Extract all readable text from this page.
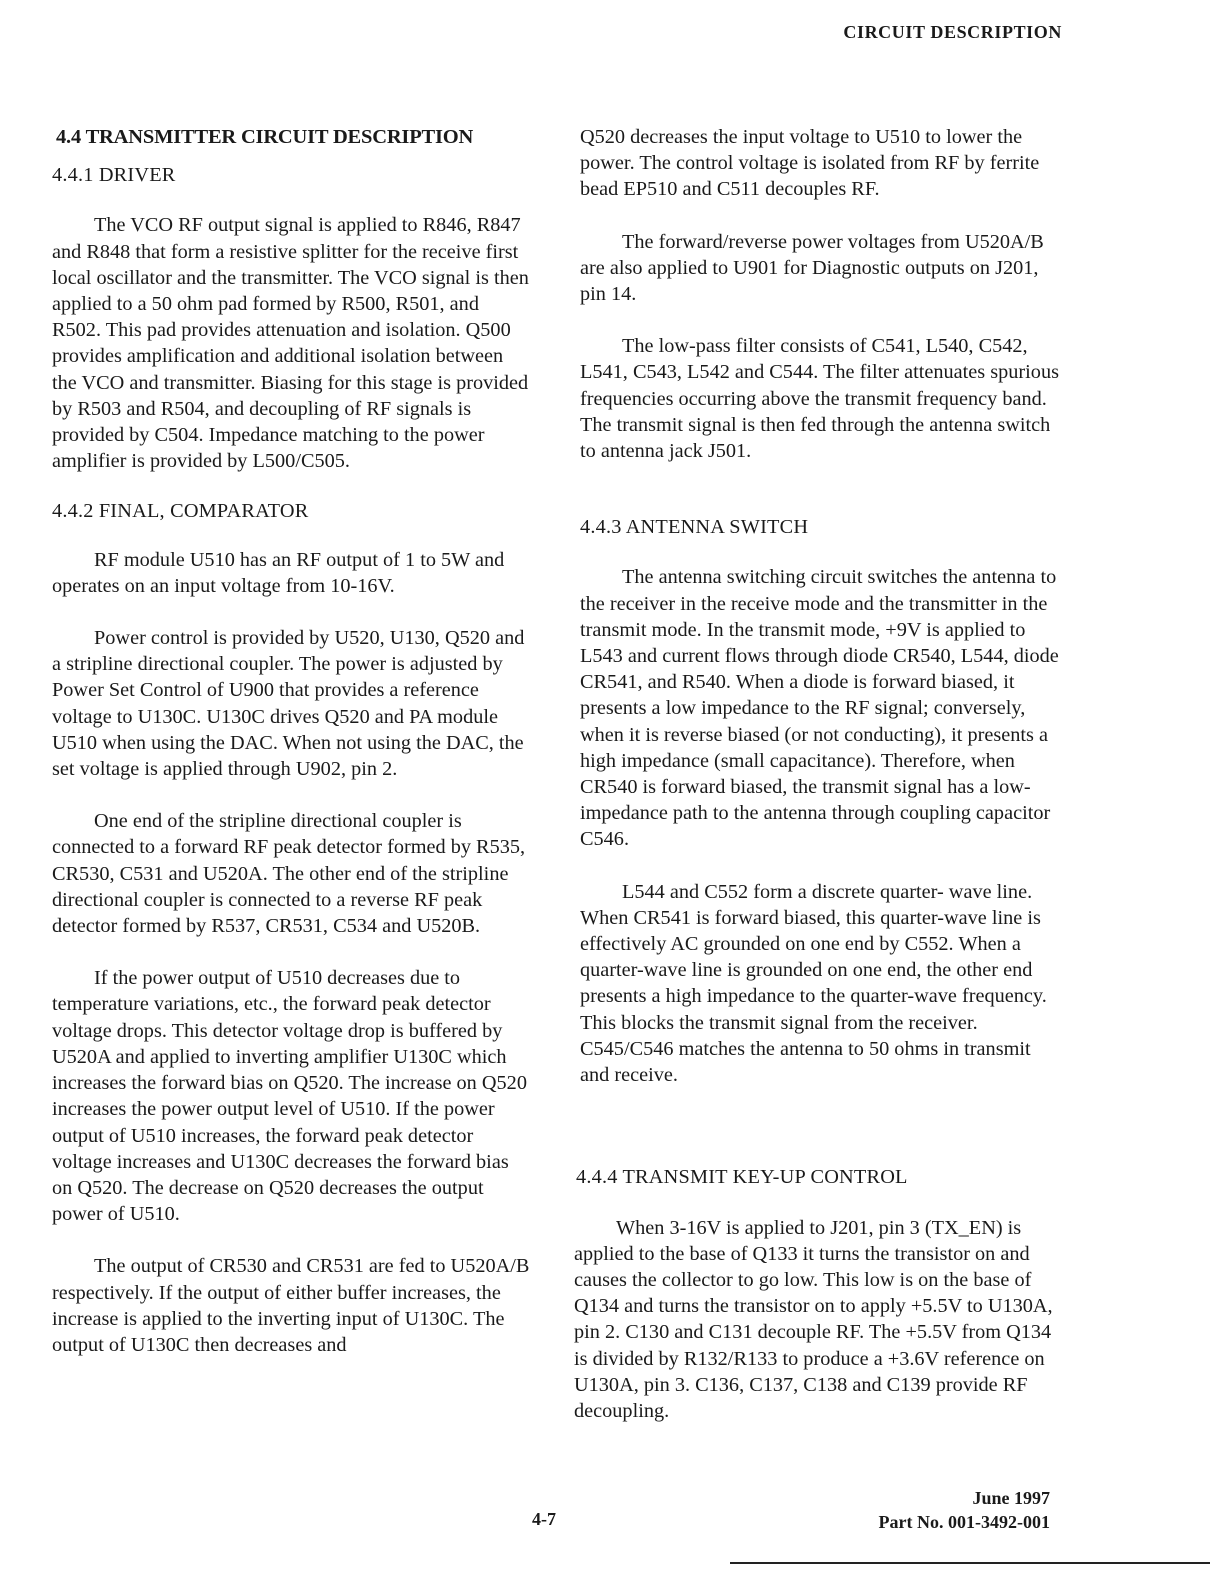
CIRCUIT DESCRIPTION
4.4 TRANSMITTER CIRCUIT DESCRIPTION
4.4.1 DRIVER
The VCO RF output signal is applied to R846, R847 and R848 that form a resistive splitter for the receive first local oscillator and the transmitter. The VCO signal is then applied to a 50 ohm pad formed by R500, R501, and R502. This pad provides attenuation and isolation. Q500 provides amplification and additional isolation between the VCO and transmitter. Biasing for this stage is provided by R503 and R504, and decoupling of RF signals is provided by C504. Impedance matching to the power amplifier is provided by L500/C505.
4.4.2 FINAL, COMPARATOR
RF module U510 has an RF output of 1 to 5W and operates on an input voltage from 10-16V.
Power control is provided by U520, U130, Q520 and a stripline directional coupler. The power is adjusted by Power Set Control of U900 that provides a reference voltage to U130C. U130C drives Q520 and PA module U510 when using the DAC. When not using the DAC, the set voltage is applied through U902, pin 2.
One end of the stripline directional coupler is connected to a forward RF peak detector formed by R535, CR530, C531 and U520A. The other end of the stripline directional coupler is connected to a reverse RF peak detector formed by R537, CR531, C534 and U520B.
If the power output of U510 decreases due to temperature variations, etc., the forward peak detector voltage drops. This detector voltage drop is buffered by U520A and applied to inverting amplifier U130C which increases the forward bias on Q520. The increase on Q520 increases the power output level of U510. If the power output of U510 increases, the forward peak detector voltage increases and U130C decreases the forward bias on Q520. The decrease on Q520 decreases the output power of U510.
The output of CR530 and CR531 are fed to U520A/B respectively. If the output of either buffer increases, the increase is applied to the inverting input of U130C. The output of U130C then decreases and
Q520 decreases the input voltage to U510 to lower the power. The control voltage is isolated from RF by ferrite bead EP510 and C511 decouples RF.
The forward/reverse power voltages from U520A/B are also applied to U901 for Diagnostic outputs on J201, pin 14.
The low-pass filter consists of C541, L540, C542, L541, C543, L542 and C544. The filter attenuates spurious frequencies occurring above the transmit frequency band. The transmit signal is then fed through the antenna switch to antenna jack J501.
4.4.3 ANTENNA SWITCH
The antenna switching circuit switches the antenna to the receiver in the receive mode and the transmitter in the transmit mode. In the transmit mode, +9V is applied to L543 and current flows through diode CR540, L544, diode CR541, and R540. When a diode is forward biased, it presents a low impedance to the RF signal; conversely, when it is reverse biased (or not conducting), it presents a high impedance (small capacitance). Therefore, when CR540 is forward biased, the transmit signal has a low-impedance path to the antenna through coupling capacitor C546.
L544 and C552 form a discrete quarter- wave line. When CR541 is forward biased, this quarter-wave line is effectively AC grounded on one end by C552. When a quarter-wave line is grounded on one end, the other end presents a high impedance to the quarter-wave frequency. This blocks the transmit signal from the receiver. C545/C546 matches the antenna to 50 ohms in transmit and receive.
4.4.4 TRANSMIT KEY-UP CONTROL
When 3-16V is applied to J201, pin 3 (TX_EN) is applied to the base of Q133 it turns the transistor on and causes the collector to go low. This low is on the base of Q134 and turns the transistor on to apply +5.5V to U130A, pin 2. C130 and C131 decouple RF. The +5.5V from Q134 is divided by R132/R133 to produce a +3.6V reference on U130A, pin 3. C136, C137, C138 and C139 provide RF decoupling.
4-7
June 1997
Part No. 001-3492-001
